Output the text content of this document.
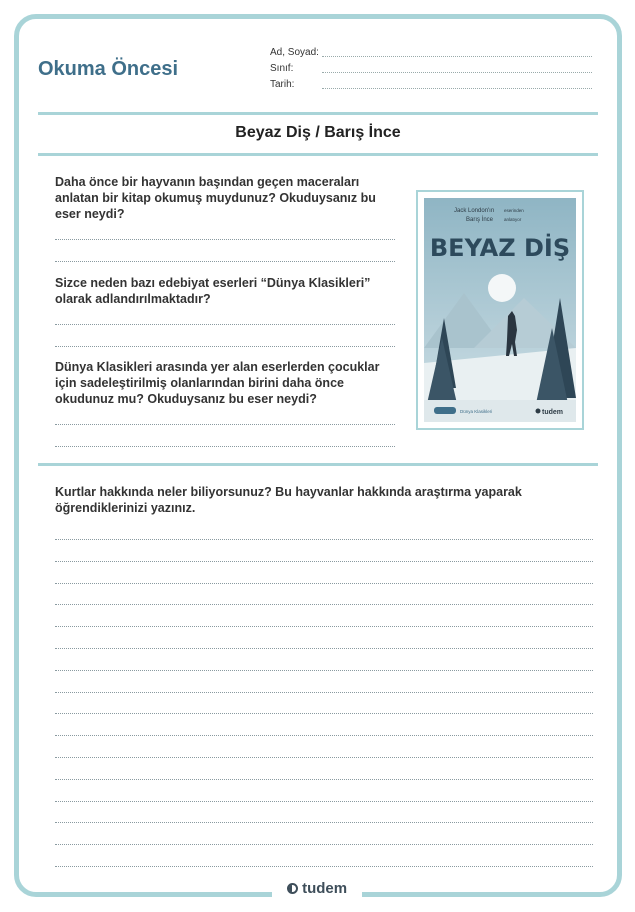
Okuma Öncesi
Ad, Soyad:
Sınıf:
Tarih:
Beyaz Diş / Barış İnce
Daha önce bir hayvanın başından geçen maceraları anlatan bir kitap okumuş muydunuz? Okuduysanız bu eser neydi?
Sizce neden bazı edebiyat eserleri “Dünya Klasikleri” olarak adlandırılmaktadır?
Dünya Klasikleri arasında yer alan eserlerden çocuklar için sadeleştirilmiş olanlarından birini daha önce okudunuz mu? Okuduysanız bu eser neydi?
Jack London'ın eserinden
Barış İnce anlatıyor
BEYAZ DİŞ
Dünya Klasikleri	tudem
Kurtlar hakkında neler biliyorsunuz? Bu hayvanlar hakkında araştırma yaparak öğrendiklerinizi yazınız.
tudem
